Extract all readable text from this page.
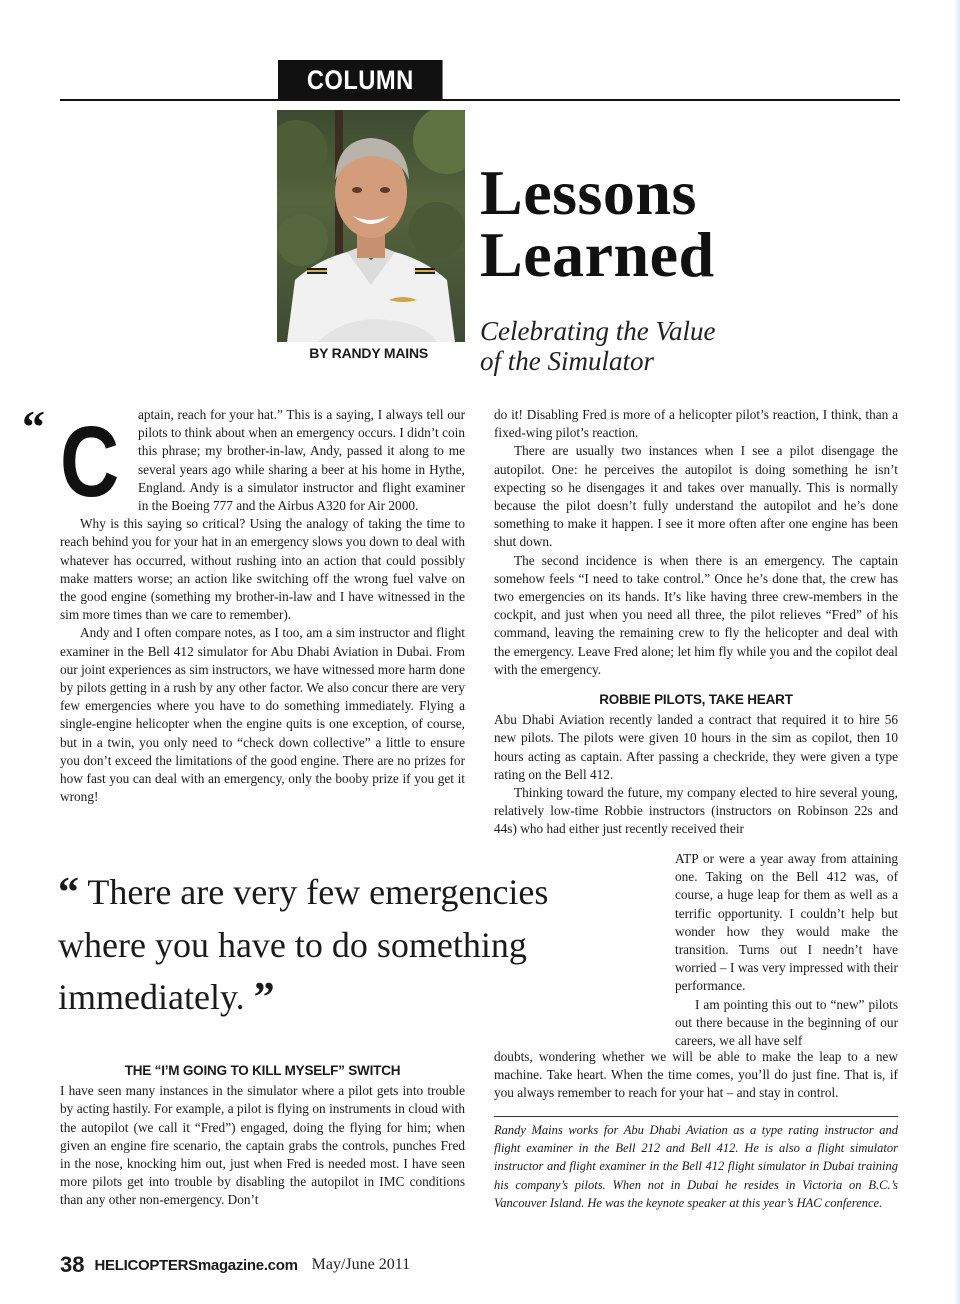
COLUMN
BY RANDY MAINS
Lessons
Learned
Celebrating the Value
of the Simulator
“ C	aptain, reach for your hat.” This is a saying, I always tell our pilots to think about when an emergency occurs. I didn’t coin this phrase; my brother-in-law, Andy, passed it along to me several years ago while sharing a beer at his home in Hythe, England. Andy is a simulator instructor and flight examiner in the Boeing 777 and the Airbus A320 for Air 2000.

Why is this saying so critical? Using the analogy of taking the time to reach behind you for your hat in an emergency slows you down to deal with whatever has occurred, without rushing into an action that could possibly make matters worse; an action like switching off the wrong fuel valve on the good engine (something my brother-in-law and I have witnessed in the sim more times than we care to remember).

Andy and I often compare notes, as I too, am a sim instructor and flight examiner in the Bell 412 simulator for Abu Dhabi Aviation in Dubai. From our joint experiences as sim instructors, we have witnessed more harm done by pilots getting in a rush by any other factor. We also concur there are very few emergencies where you have to do something immediately. Flying a single-engine helicopter when the engine quits is one exception, of course, but in a twin, you only need to “check down collective” a little to ensure you don’t exceed the limitations of the good engine. There are no prizes for how fast you can deal with an emergency, only the booby prize if you get it wrong!

do it! Disabling Fred is more of a helicopter pilot’s reaction, I think, than a fixed-wing pilot’s reaction.

There are usually two instances when I see a pilot disengage the autopilot. One: he perceives the autopilot is doing something he isn’t expecting so he disengages it and takes over manually. This is normally because the pilot doesn’t fully understand the autopilot and he’s done something to make it happen. I see it more often after one engine has been shut down.

The second incidence is when there is an emergency. The captain somehow feels “I need to take control.” Once he’s done that, the crew has two emergencies on its hands. It’s like having three crew-members in the cockpit, and just when you need all three, the pilot relieves “Fred” of his command, leaving the remaining crew to fly the helicopter and deal with the emergency. Leave Fred alone; let him fly while you and the copilot deal with the emergency.

ROBBIE PILOTS, TAKE HEART

Abu Dhabi Aviation recently landed a contract that required it to hire 56 new pilots. The pilots were given 10 hours in the sim as copilot, then 10 hours acting as captain. After passing a checkride, they were given a type rating on the Bell 412.

Thinking toward the future, my company elected to hire several young, relatively low-time Robbie instructors (instructors on Robinson 22s and 44s) who had either just recently received their

ATP or were a year away from attaining one. Taking on the Bell 412 was, of course, a huge leap for them as well as a terrific opportunity. I couldn’t help but wonder how they would make the transition. Turns out I needn’t have worried – I was very impressed with their performance.

I am pointing this out to “new” pilots out there because in the beginning of our careers, we all have self

doubts, wondering whether we will be able to make the leap to a new machine. Take heart. When the time comes, you’ll do just fine. That is, if you always remember to reach for your hat – and stay in control.

“ There are very few emergencies where you have to do something immediately. ”
THE “I’M GOING TO KILL MYSELF” SWITCH

I have seen many instances in the simulator where a pilot gets into trouble by acting hastily. For example, a pilot is flying on instruments in cloud with the autopilot (we call it “Fred”) engaged, doing the flying for him; when given an engine fire scenario, the captain grabs the controls, punches Fred in the nose, knocking him out, just when Fred is needed most. I have seen more pilots get into trouble by disabling the autopilot in IMC conditions than any other non-emergency. Don’t

Randy Mains works for Abu Dhabi Aviation as a type rating instructor and flight examiner in the Bell 212 and Bell 412. He is also a flight simulator instructor and flight examiner in the Bell 412 flight simulator in Dubai training his company’s pilots. When not in Dubai he resides in Victoria on B.C.’s Vancouver Island. He was the keynote speaker at this year’s HAC conference.
38 HELICOPTERSmagazine.com May/June 2011
